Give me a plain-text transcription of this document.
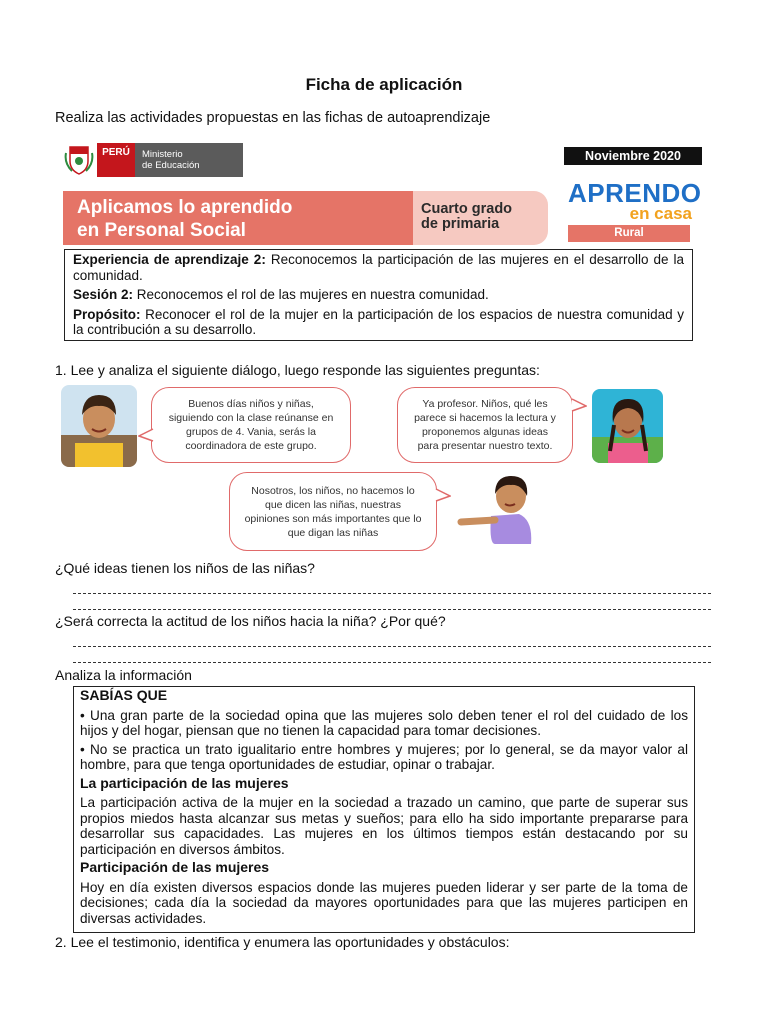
Ficha de aplicación
Realiza las actividades propuestas en las fichas de autoaprendizaje
PERÚ	Ministerio
de Educación
Noviembre 2020
Cuarto grado
de primaria
Aplicamos lo aprendido
en Personal Social
APRENDO
en casa
Rural

Experiencia de aprendizaje 2: Reconocemos la participación de las mujeres en el desarrollo de la comunidad.

Sesión 2: Reconocemos el rol de las mujeres en nuestra comunidad.

Propósito: Reconocer el rol de la mujer en la participación de los espacios de nuestra comunidad y la contribución a su desarrollo.

1. Lee y analiza el siguiente diálogo, luego responde las siguientes preguntas:
Buenos días niños y niñas,
siguiendo con la clase reúnanse en
grupos de 4. Vania, serás la
coordinadora de este grupo.
Ya profesor. Niños, qué les
parece si hacemos la lectura y
proponemos algunas ideas
para presentar nuestro texto.
Nosotros, los niños, no hacemos lo
que dicen las niñas, nuestras
opiniones son más importantes que lo
que digan las niñas
¿Qué ideas tienen los niños de las niñas?
¿Será correcta la actitud de los niños hacia la niña? ¿Por qué?
Analiza la información
SABÍAS QUE

• Una gran parte de la sociedad opina que las mujeres solo deben tener el rol del cuidado de los hijos y del hogar, piensan que no tienen la capacidad para tomar decisiones.

• No se practica un trato igualitario entre hombres y mujeres; por lo general, se da mayor valor al hombre, para que tenga oportunidades de estudiar, opinar o trabajar.

La participación de las mujeres

La participación activa de la mujer en la sociedad a trazado un camino, que parte de superar sus propios miedos hasta alcanzar sus metas y sueños; para ello ha sido importante prepararse para desarrollar sus capacidades. Las mujeres en los últimos tiempos están destacando por su participación en diversos ámbitos.

Participación de las mujeres

Hoy en día existen diversos espacios donde las mujeres pueden liderar y ser parte de la toma de decisiones; cada día la sociedad da mayores oportunidades para que las mujeres participen en diversas actividades.

2. Lee el testimonio, identifica y enumera las oportunidades y obstáculos:
